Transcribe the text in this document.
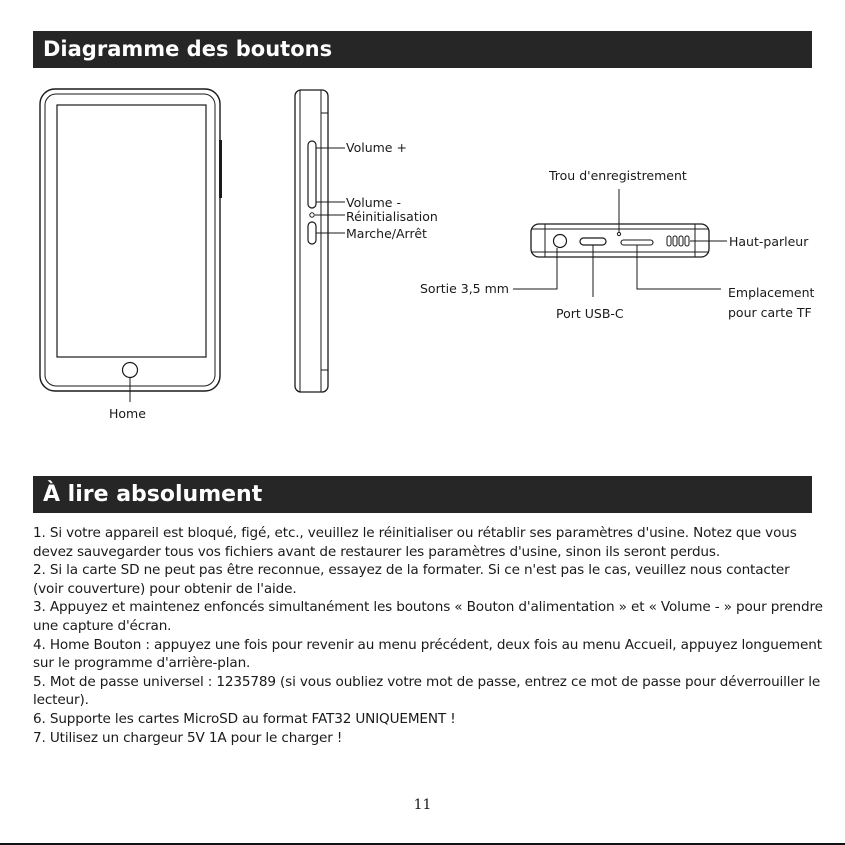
Diagramme des boutons
Home
Volume +
Volume -
Réinitialisation
Marche/Arrêt
Trou d'enregistrement
Haut-parleur
Sortie 3,5 mm
Port USB-C
Emplacement
pour carte TF
À lire absolument

1. Si votre appareil est bloqué, figé, etc., veuillez le réinitialiser ou rétablir ses paramètres d'usine. Notez que vous devez sauvegarder tous vos fichiers avant de restaurer les paramètres d'usine, sinon ils seront perdus.

2. Si la carte SD ne peut pas être reconnue, essayez de la formater. Si ce n'est pas le cas, veuillez nous contacter (voir couverture) pour obtenir de l'aide.

3. Appuyez et maintenez enfoncés simultanément les boutons « Bouton d'alimentation » et « Volume - » pour prendre une capture d'écran.

4. Home Bouton : appuyez une fois pour revenir au menu précédent, deux fois au menu Accueil, appuyez longuement sur le programme d'arrière-plan.

5. Mot de passe universel : 1235789 (si vous oubliez votre mot de passe, entrez ce mot de passe pour déverrouiller le lecteur).

6. Supporte les cartes MicroSD au format FAT32 UNIQUEMENT !

7. Utilisez un chargeur 5V 1A pour le charger !

11
